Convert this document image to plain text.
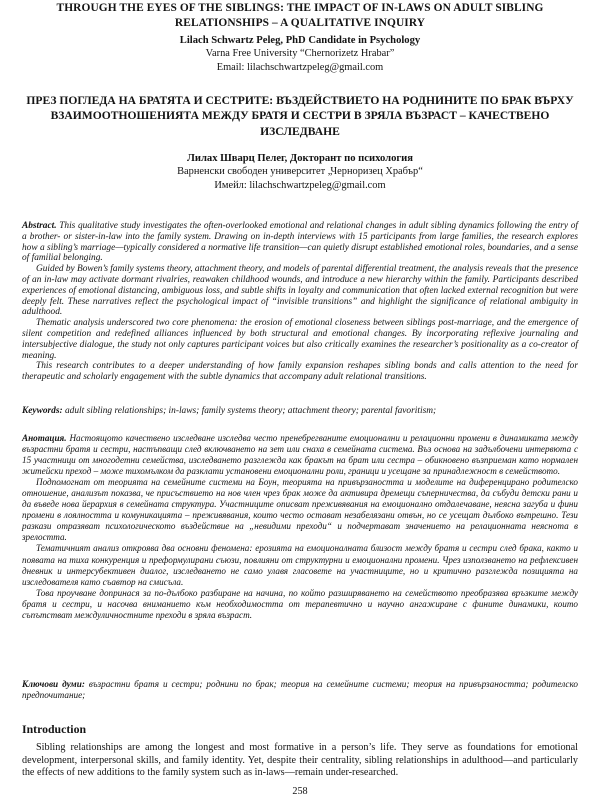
THROUGH THE EYES OF THE SIBLINGS: THE IMPACT OF IN-LAWS ON ADULT SIBLING RELATIONSHIPS – A QUALITATIVE INQUIRY
Lilach Schwartz Peleg, PhD Candidate in Psychology
Varna Free University “Chernorizetz Hrabar”
Email: lilachschwartzpeleg@gmail.com
ПРЕЗ ПОГЛЕДА НА БРАТЯТА И СЕСТРИТЕ: ВЪЗДЕЙСТВИЕТО НА РОДНИНИТЕ ПО БРАК ВЪРХУ ВЗАИМООТНОШЕНИЯТА МЕЖДУ БРАТЯ И СЕСТРИ В ЗРЯЛА ВЪЗРАСТ – КАЧЕСТВЕНО ИЗСЛЕДВАНЕ
Лилах Шварц Пелег, Докторант по психология
Варненски свободен университет „Черноризец Храбър“
Имейл: lilachschwartzpeleg@gmail.com

Abstract. This qualitative study investigates the often-overlooked emotional and relational changes in adult sibling dynamics following the entry of a brother- or sister-in-law into the family system. Drawing on in-depth interviews with 15 participants from large families, the research explores how a sibling’s marriage—typically considered a normative life transition—can quietly disrupt established emotional roles, boundaries, and a sense of familial belonging.

Guided by Bowen’s family systems theory, attachment theory, and models of parental differential treatment, the analysis reveals that the presence of an in-law may activate dormant rivalries, reawaken childhood wounds, and introduce a new hierarchy within the family. Participants described experiences of emotional distancing, ambiguous loss, and subtle shifts in loyalty and communication that often lacked external recognition but were deeply felt. These narratives reflect the psychological impact of “invisible transitions” and highlight the significance of relational ambiguity in adulthood.

Thematic analysis underscored two core phenomena: the erosion of emotional closeness between siblings post-marriage, and the emergence of silent competition and redefined alliances influenced by both structural and emotional changes. By incorporating reflexive journaling and intersubjective dialogue, the study not only captures participant voices but also critically examines the researcher’s positionality as a co-creator of meaning.

This research contributes to a deeper understanding of how family expansion reshapes sibling bonds and calls attention to the need for therapeutic and scholarly engagement with the subtle dynamics that accompany adult relational transitions.

Keywords: adult sibling relationships; in-laws; family systems theory; attachment theory; parental favoritism;

Анотация. Настоящото качествено изследване изследва често пренебрегваните емоционални и релационни промени в динамиката между възрастни братя и сестри, настъпващи след включването на зет или снаха в семейната система. Въз основа на задълбочени интервюта с 15 участници от многодетни семейства, изследването разглежда как бракът на брат или сестра – обикновено възприеман като нормален житейски преход – може тихомълком да разклати установени емоционални роли, граници и усещане за принадлежност в семейството.

Подпомогнат от теорията на семейните системи на Боун, теорията на привързаността и моделите на диференцирано родителско отношение, анализът показва, че присъствието на нов член чрез брак може да активира дремещи съперничества, да събуди детски рани и да въведе нова йерархия в семейната структура. Участниците описват преживявания на емоционално отдалечаване, неясна загуба и фини промени в лоялността и комуникацията – преживявания, които често остават незабелязани отвън, но се усещат дълбоко вътрешно. Тези разкази отразяват психологическото въздействие на „невидими преходи“ и подчертават значението на релационната неяснота в зрелостта.

Тематичният анализ откроява два основни феномена: ерозията на емоционалната близост между братя и сестри след брака, както и появата на тиха конкуренция и преформулирани съюзи, повлияни от структурни и емоционални промени. Чрез използването на рефлексивен дневник и интерсубективен диалог, изследването не само улавя гласовете на участниците, но и критично разглежда позицията на изследователя като съавтор на смисъла.

Това проучване допринася за по-дълбоко разбиране на начина, по който разширяването на семейството преобразява връзките между братя и сестри, и насочва вниманието към необходимостта от терапевтично и научно ангажиране с фините динамики, които съпътстват междуличностните преходи в зряла възраст.

Ключови думи: възрастни братя и сестри; роднини по брак; теория на семейните системи; теория на привързаността; родителско предпочитание;
Introduction

Sibling relationships are among the longest and most formative in a person’s life. They serve as foundations for emotional development, interpersonal skills, and family identity. Yet, despite their centrality, sibling relationships in adulthood—and particularly the effects of new additions to the family system such as in-laws—remain under-researched.

258
